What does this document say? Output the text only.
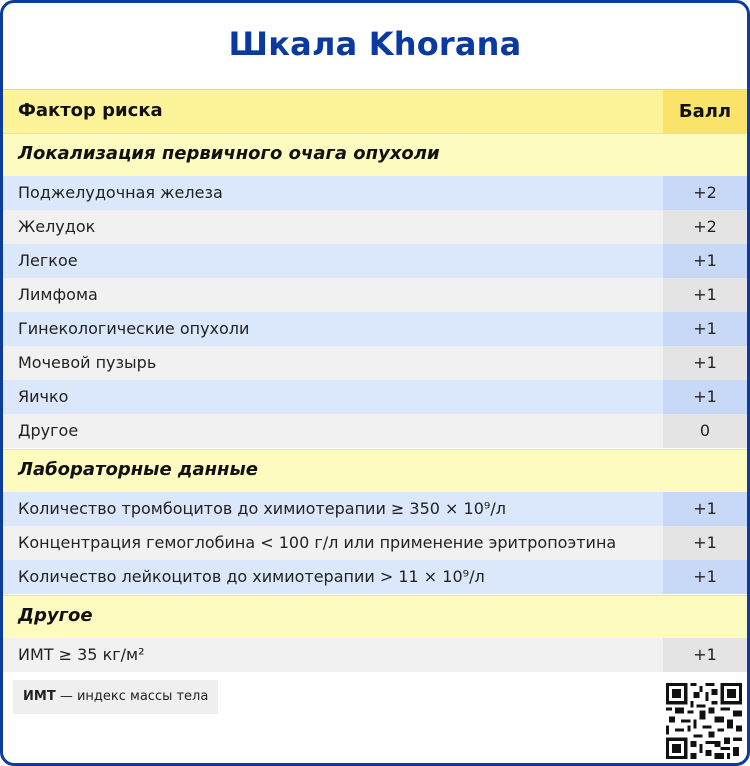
Шкала Khorana
Фактор риска	Балл
Локализация первичного очага опухоли
Поджелудочная железа	+2
Желудок	+2
Легкое	+1
Лимфома	+1
Гинекологические опухоли	+1
Мочевой пузырь	+1
Яичко	+1
Другое	0
Лабораторные данные
Количество тромбоцитов до химиотерапии ≥ 350 × 10⁹/л	+1
Концентрация гемоглобина < 100 г/л или применение эритропоэтина	+1
Количество лейкоцитов до химиотерапии > 11 × 10⁹/л	+1
Другое
ИМТ ≥ 35 кг/м²	+1
ИМТ — индекс массы тела
